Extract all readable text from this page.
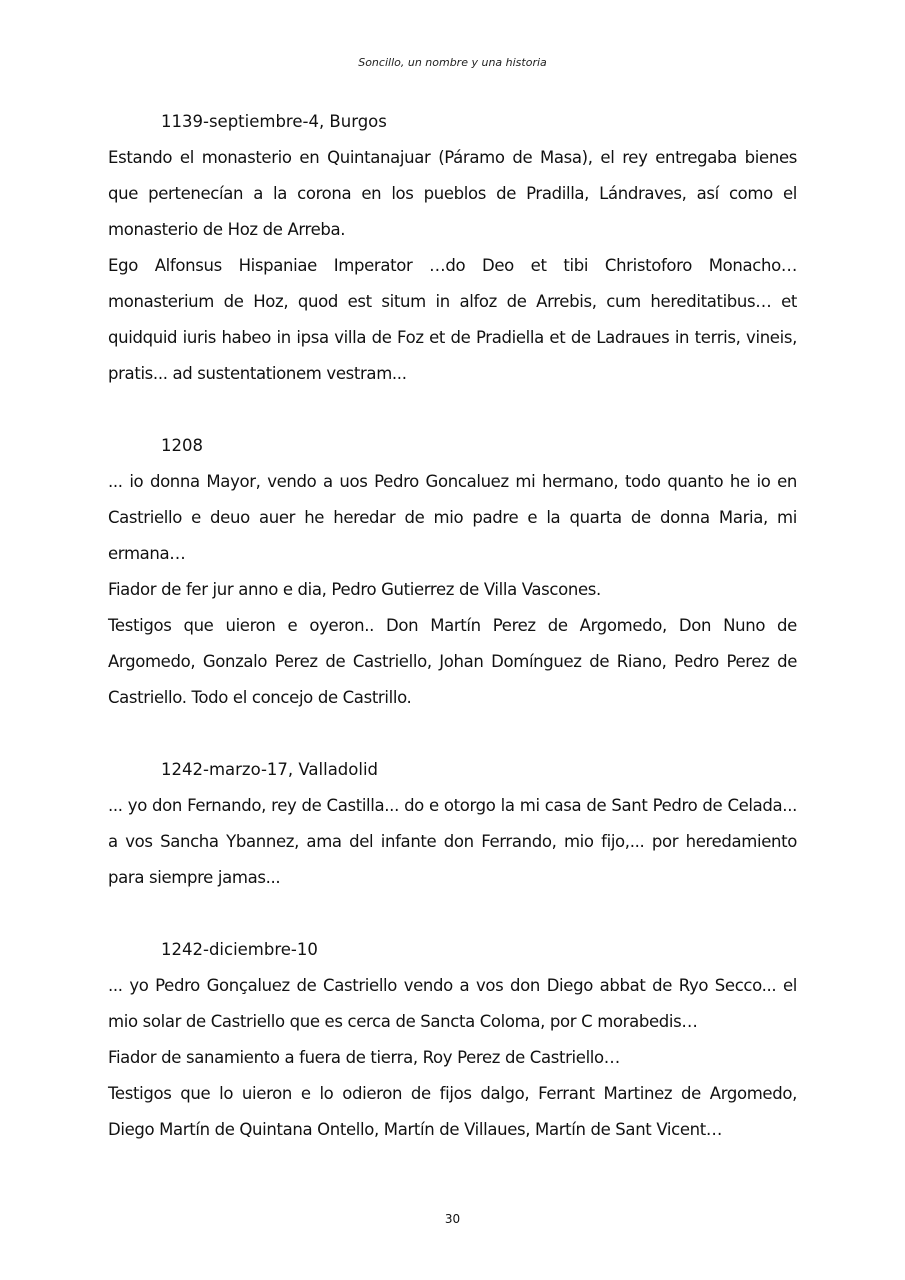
Soncillo, un nombre y una historia

1139-septiembre-4, Burgos

Estando el monasterio en Quintanajuar (Páramo de Masa), el rey entregaba bienes que pertenecían a la corona en los pueblos de Pradilla, Lándraves, así como el monasterio de Hoz de Arreba.

Ego Alfonsus Hispaniae Imperator …do Deo et tibi Christoforo Monacho… monasterium de Hoz, quod est situm in alfoz de Arrebis, cum hereditatibus… et quidquid iuris habeo in ipsa villa de Foz et de Pradiella et de Ladraues in terris, vineis, pratis... ad sustentationem vestram...

1208

... io donna Mayor, vendo a uos Pedro Goncaluez mi hermano, todo quanto he io en Castriello e deuo auer he heredar de mio padre e la quarta de donna Maria, mi ermana…

Fiador de fer jur anno e dia, Pedro Gutierrez de Villa Vascones.

Testigos que uieron e oyeron.. Don Martín Perez de Argomedo, Don Nuno de Argomedo, Gonzalo Perez de Castriello, Johan Domínguez de Riano, Pedro Perez de Castriello. Todo el concejo de Castrillo.

1242-marzo-17, Valladolid

... yo don Fernando, rey de Castilla... do e otorgo la mi casa de Sant Pedro de Celada... a vos Sancha Ybannez, ama del infante don Ferrando, mio fijo,... por heredamiento para siempre jamas...

1242-diciembre-10

... yo Pedro Gonçaluez de Castriello vendo a vos don Diego abbat de Ryo Secco... el mio solar de Castriello que es cerca de Sancta Coloma, por C morabedis…

Fiador de sanamiento a fuera de tierra, Roy Perez de Castriello…

Testigos que lo uieron e lo odieron de fijos dalgo, Ferrant Martinez de Argomedo, Diego Martín de Quintana Ontello, Martín de Villaues, Martín de Sant Vicent…

30
